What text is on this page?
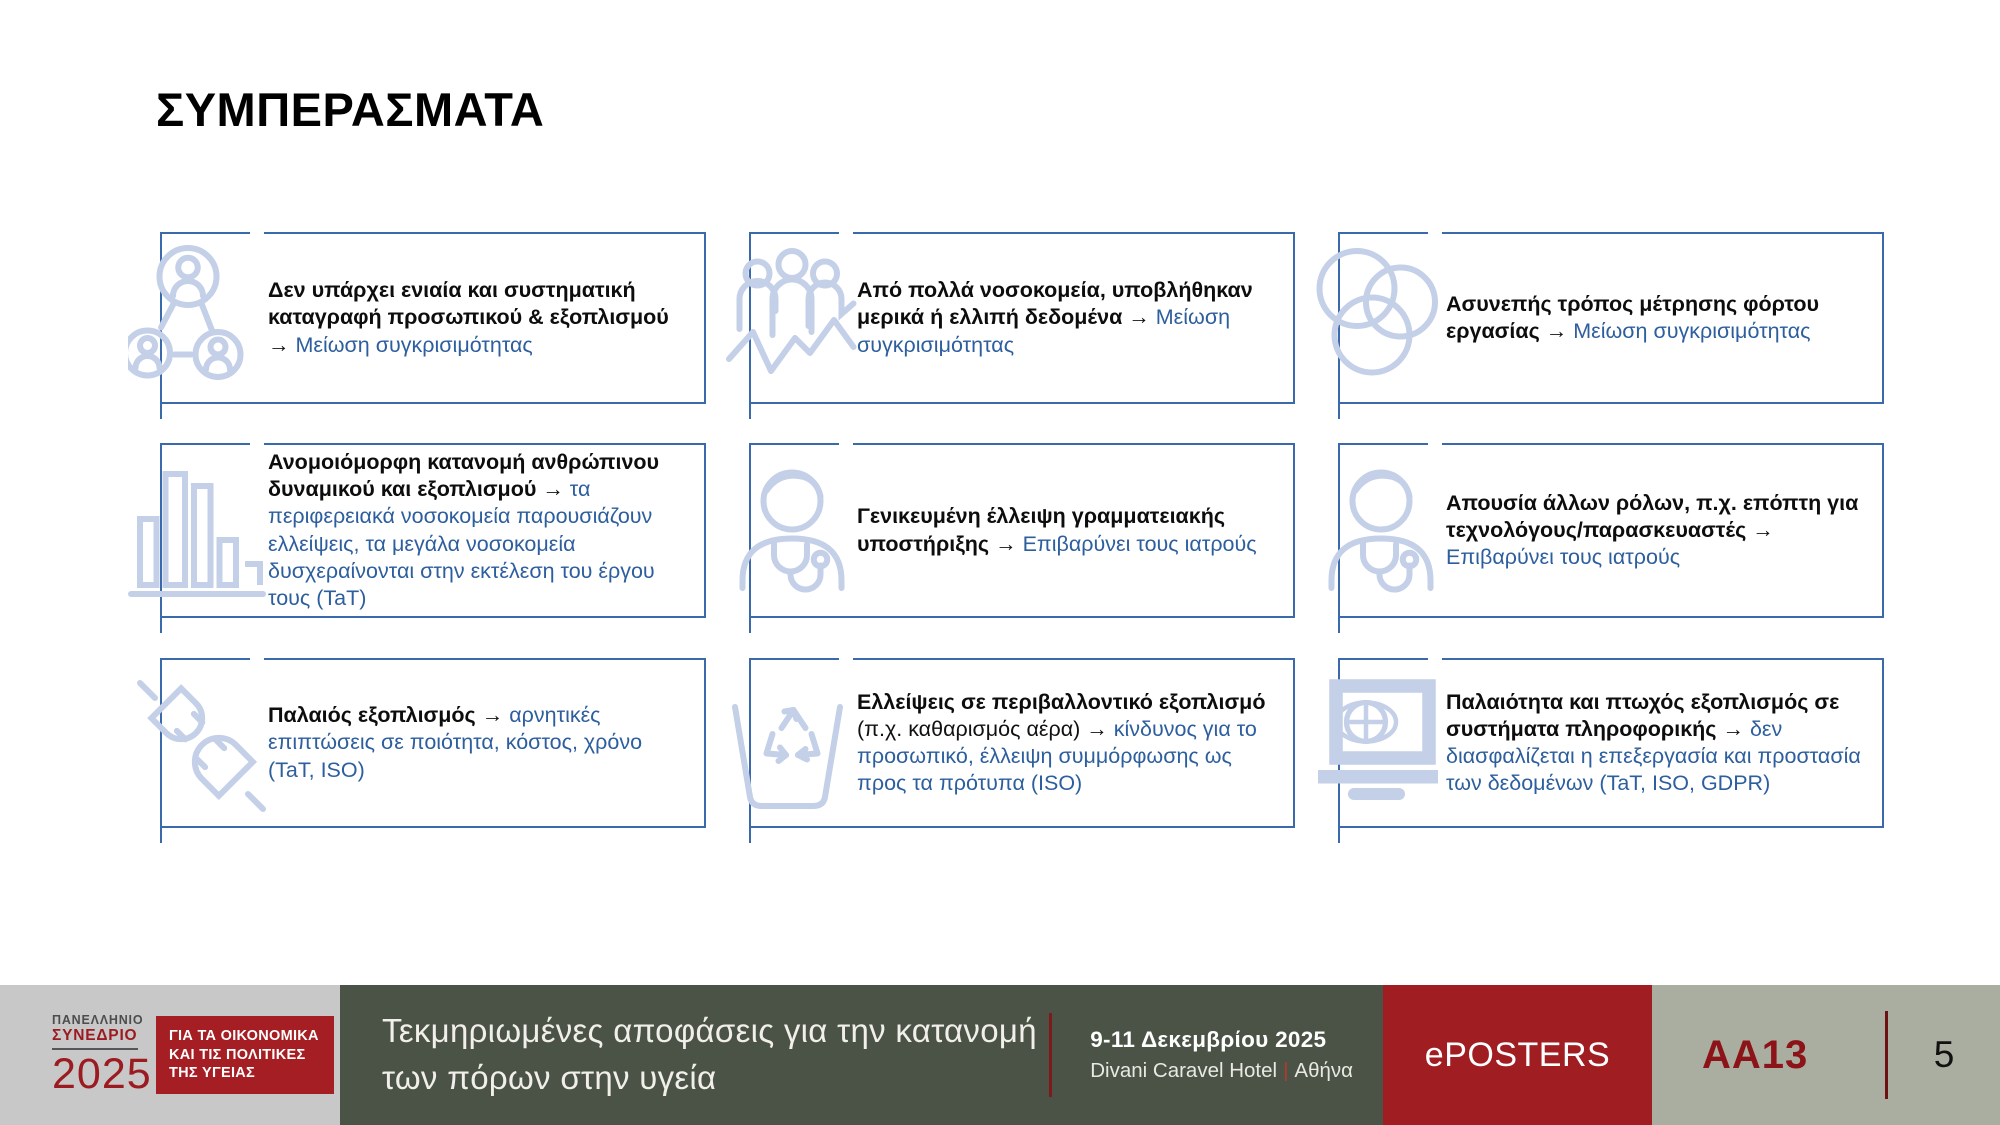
ΣΥΜΠΕΡΑΣΜΑΤΑ

Δεν υπάρχει ενιαία και συστηματική καταγραφή προσωπικού & εξοπλισμού → Μείωση συγκρισιμότητας

Από πολλά νοσοκομεία, υποβλήθηκαν μερικά ή ελλιπή δεδομένα → Μείωση συγκρισιμότητας

Ασυνεπής τρόπος μέτρησης φόρτου εργασίας → Μείωση συγκρισιμότητας

Ανομοιόμορφη κατανομή ανθρώπινου δυναμικού και εξοπλισμού → τα περιφερειακά νοσοκομεία παρουσιάζουν ελλείψεις, τα μεγάλα νοσοκομεία δυσχεραίνονται στην εκτέλεση του έργου τους (TaT)

Γενικευμένη έλλειψη γραμματειακής υποστήριξης → Επιβαρύνει τους ιατρούς

Απουσία άλλων ρόλων, π.χ. επόπτη για τεχνολόγους/παρασκευαστές → Επιβαρύνει τους ιατρούς

Παλαιός εξοπλισμός → αρνητικές επιπτώσεις σε ποιότητα, κόστος, χρόνο (TaT, ISO)

Ελλείψεις σε περιβαλλοντικό εξοπλισμό (π.χ. καθαρισμός αέρα) → κίνδυνος για το προσωπικό, έλλειψη συμμόρφωσης ως προς τα πρότυπα (ISO)

Παλαιότητα και πτωχός εξοπλισμός σε συστήματα πληροφορικής → δεν διασφαλίζεται η επεξεργασία και προστασία των δεδομένων (TaT, ISO, GDPR)

ΠΑΝΕΛΛΗΝΙΟ
ΣΥΝΕΔΡΙΟ
2025
ΓΙΑ ΤΑ ΟΙΚΟΝΟΜΙΚΑ ΚΑΙ ΤΙΣ ΠΟΛΙΤΙΚΕΣ ΤΗΣ ΥΓΕΙΑΣ
Τεκμηριωμένες αποφάσεις για την κατανομή των πόρων στην υγεία
9-11 Δεκεμβρίου 2025
Divani Caravel Hotel | Αθήνα ePOSTERS AA13	5
